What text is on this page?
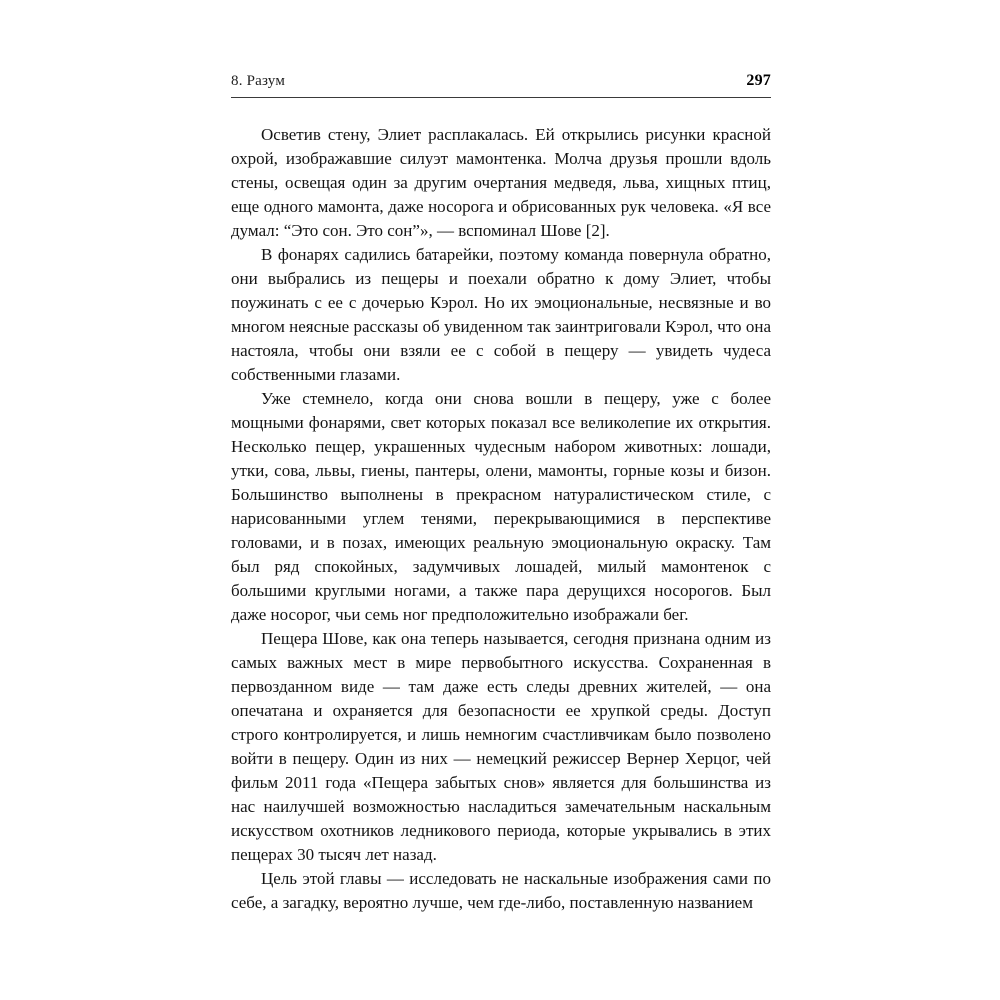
8. Разум	297

Осветив стену, Элиет расплакалась. Ей открылись рисунки красной охрой, изображавшие силуэт мамонтенка. Молча друзья прошли вдоль стены, освещая один за другим очертания медведя, льва, хищных птиц, еще одного мамонта, даже носорога и обрисованных рук человека. «Я все думал: “Это сон. Это сон”», — вспоминал Шове [2].

В фонарях садились батарейки, поэтому команда повернула обратно, они выбрались из пещеры и поехали обратно к дому Элиет, чтобы поужинать с ее с дочерью Кэрол. Но их эмоциональные, несвязные и во многом неясные рассказы об увиденном так заинтриговали Кэрол, что она настояла, чтобы они взяли ее с собой в пещеру — увидеть чудеса собственными глазами.

Уже стемнело, когда они снова вошли в пещеру, уже с более мощными фонарями, свет которых показал все великолепие их открытия. Несколько пещер, украшенных чудесным набором животных: лошади, утки, сова, львы, гиены, пантеры, олени, мамонты, горные козы и бизон. Большинство выполнены в прекрасном натуралистическом стиле, с нарисованными углем тенями, перекрывающимися в перспективе головами, и в позах, имеющих реальную эмоциональную окраску. Там был ряд спокойных, задумчивых лошадей, милый мамонтенок с большими круглыми ногами, а также пара дерущихся носорогов. Был даже носорог, чьи семь ног предположительно изображали бег.

Пещера Шове, как она теперь называется, сегодня признана одним из самых важных мест в мире первобытного искусства. Сохраненная в первозданном виде — там даже есть следы древних жителей, — она опечатана и охраняется для безопасности ее хрупкой среды. Доступ строго контролируется, и лишь немногим счастливчикам было позволено войти в пещеру. Один из них — немецкий режиссер Вернер Херцог, чей фильм 2011 года «Пещера забытых снов» является для большинства из нас наилучшей возможностью насладиться замечательным наскальным искусством охотников ледникового периода, которые укрывались в этих пещерах 30 тысяч лет назад.

Цель этой главы — исследовать не наскальные изображения сами по себе, а загадку, вероятно лучше, чем где-либо, поставленную названием
